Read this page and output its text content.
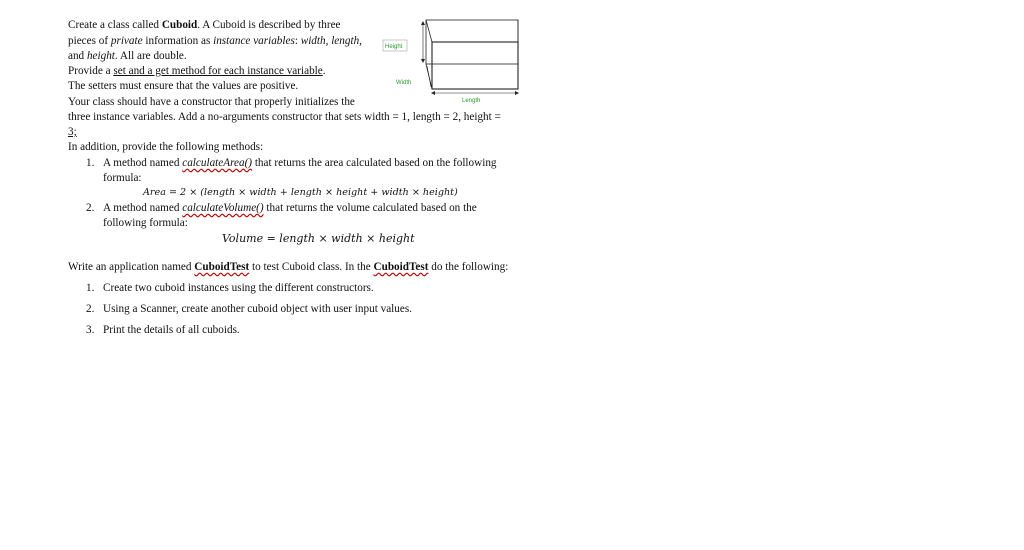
Create a class called Cuboid. A Cuboid is described by three
pieces of private information as instance variables: width, length,
and height. All are double.
Provide a set and a get method for each instance variable.
The setters must ensure that the values are positive.
Your class should have a constructor that properly initializes the
three instance variables. Add a no-arguments constructor that sets width = 1, length = 2, height =
3;
Height
Width
Length
In addition, provide the following methods:
1. A method named calculateArea() that returns the area calculated based on the following
formula:
Area = 2 × (length × width + length × height + width × height)
2. A method named calculateVolume() that returns the volume calculated based on the
following formula:
Volume = length × width × height
Write an application named CuboidTest to test Cuboid class. In the CuboidTest do the following:
1. Create two cuboid instances using the different constructors.
2. Using a Scanner, create another cuboid object with user input values.
3. Print the details of all cuboids.
